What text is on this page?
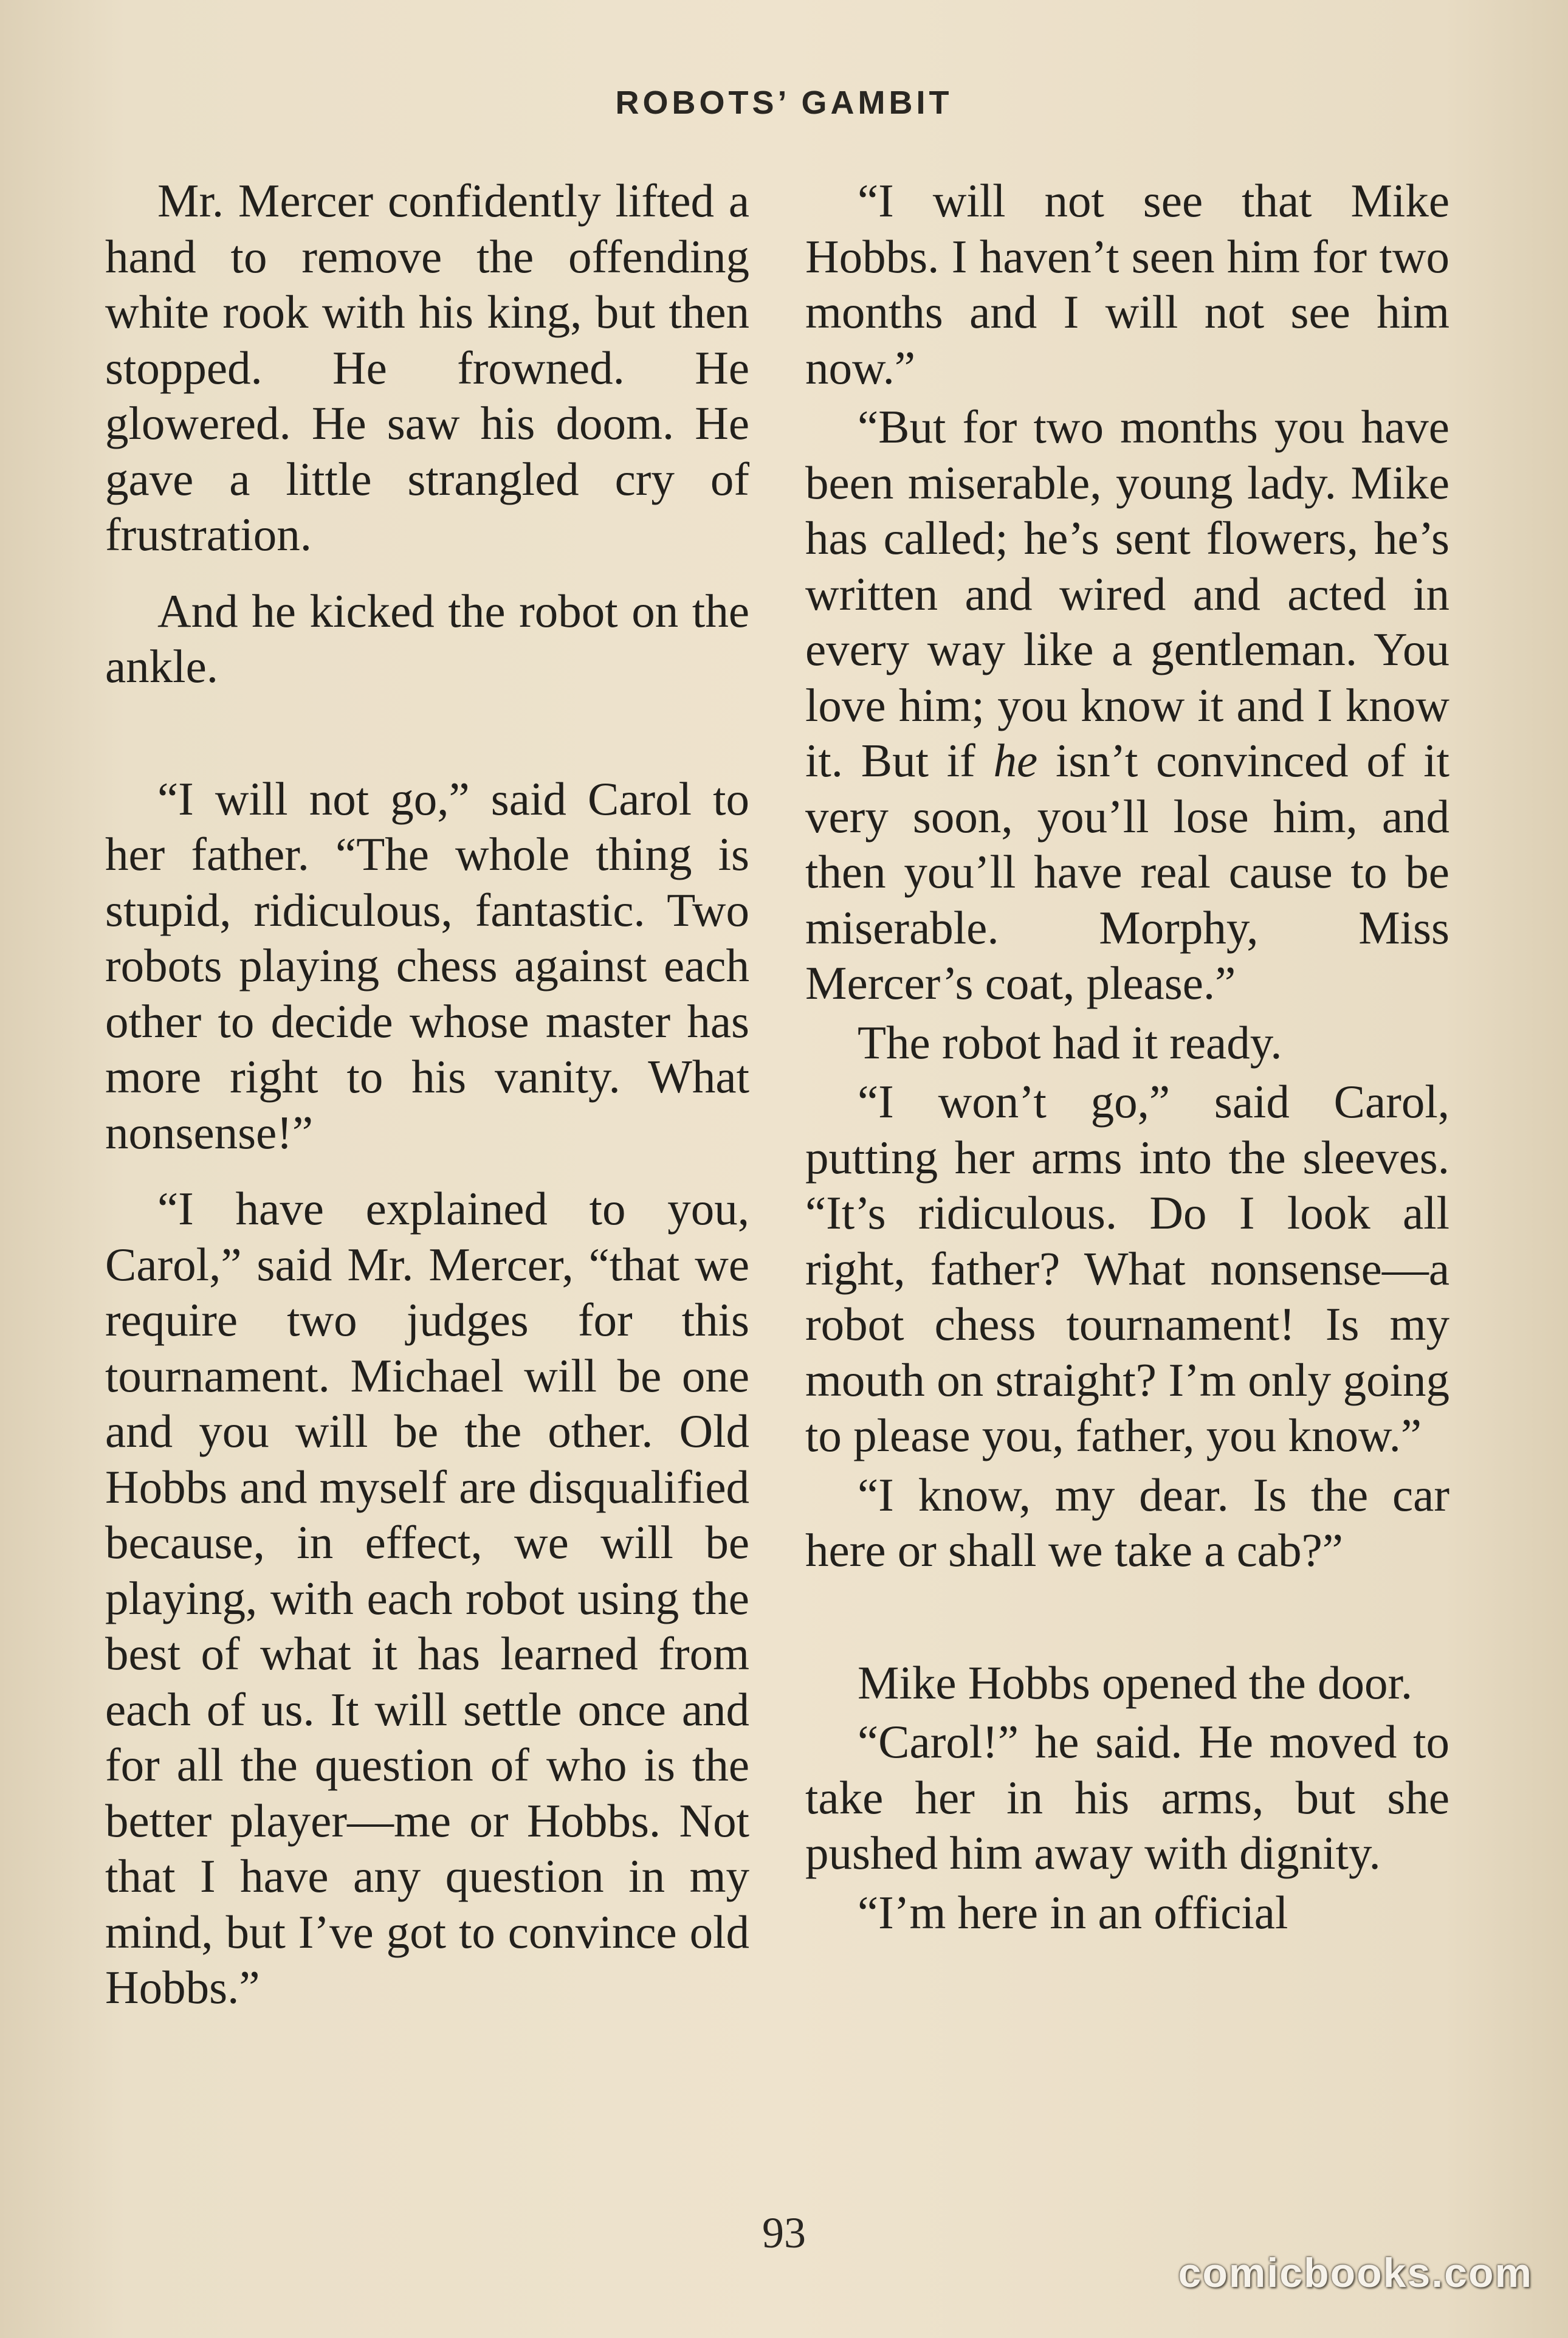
ROBOTS’ GAMBIT

Mr. Mercer confidently lifted a hand to remove the offending white rook with his king, but then stopped. He frowned. He glowered. He saw his doom. He gave a little strangled cry of frustration.

And he kicked the robot on the ankle.

“I will not go,” said Carol to her father. “The whole thing is stupid, ridiculous, fantastic. Two robots playing chess against each other to decide whose master has more right to his vanity. What nonsense!”

“I have explained to you, Carol,” said Mr. Mercer, “that we require two judges for this tournament. Michael will be one and you will be the other. Old Hobbs and myself are disqualified because, in effect, we will be playing, with each robot using the best of what it has learned from each of us. It will settle once and for all the question of who is the better player—me or Hobbs. Not that I have any question in my mind, but I’ve got to convince old Hobbs.”

“I will not see that Mike Hobbs. I haven’t seen him for two months and I will not see him now.”

“But for two months you have been miserable, young lady. Mike has called; he’s sent flowers, he’s written and wired and acted in every way like a gentleman. You love him; you know it and I know it. But if he isn’t convinced of it very soon, you’ll lose him, and then you’ll have real cause to be miserable. Morphy, Miss Mercer’s coat, please.”

The robot had it ready.

“I won’t go,” said Carol, putting her arms into the sleeves. “It’s ridiculous. Do I look all right, father? What nonsense—a robot chess tournament! Is my mouth on straight? I’m only going to please you, father, you know.”

“I know, my dear. Is the car here or shall we take a cab?”

Mike Hobbs opened the door.

“Carol!” he said. He moved to take her in his arms, but she pushed him away with dignity.

“I’m here in an official

93
comicbooks.com
